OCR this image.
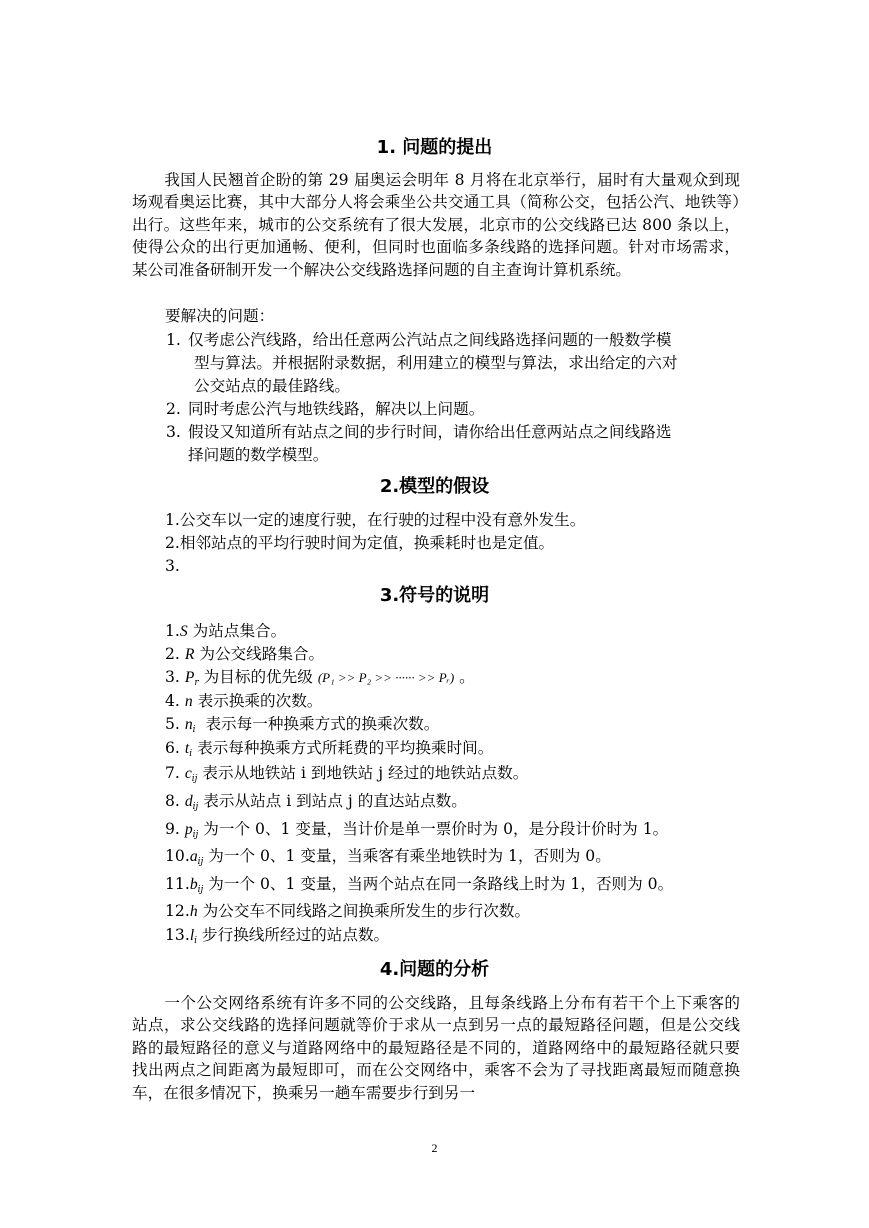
1. 问题的提出

我国人民翘首企盼的第 29 届奥运会明年 8 月将在北京举行，届时有大量观众到现场观看奥运比赛，其中大部分人将会乘坐公共交通工具（简称公交，包括公汽、地铁等）出行。这些年来，城市的公交系统有了很大发展，北京市的公交线路已达 800 条以上，使得公众的出行更加通畅、便利，但同时也面临多条线路的选择问题。针对市场需求，某公司准备研制开发一个解决公交线路选择问题的自主查询计算机系统。

要解决的问题：

1. 仅考虑公汽线路，给出任意两公汽站点之间线路选择问题的一般数学模
型与算法。并根据附录数据，利用建立的模型与算法，求出给定的六对
公交站点的最佳路线。
2. 同时考虑公汽与地铁线路，解决以上问题。
3. 假设又知道所有站点之间的步行时间，请你给出任意两站点之间线路选
择问题的数学模型。
2.模型的假设

1.公交车以一定的速度行驶，在行驶的过程中没有意外发生。

2.相邻站点的平均行驶时间为定值，换乘耗时也是定值。

3.

3.符号的说明

1.S 为站点集合。

2. R 为公交线路集合。

3. $P_r$ 为目标的优先级 (P₁ >> P₂ >> ······ >> Pᵣ) 。

4. n 表示换乘的次数。

5. $n_i$  表示每一种换乘方式的换乘次数。

6. $t_i$ 表示每种换乘方式所耗费的平均换乘时间。

7. $c_{ij}$ 表示从地铁站 i 到地铁站 j 经过的地铁站点数。

8. $d_{ij}$ 表示从站点 i 到站点 j 的直达站点数。

9. $p_{ij}$ 为一个 0、1 变量，当计价是单一票价时为 0，是分段计价时为 1。

$10.a_{ij}$ 为一个 0、1 变量，当乘客有乘坐地铁时为 1，否则为 0。

$11.b_{ij}$ 为一个 0、1 变量，当两个站点在同一条路线上时为 1，否则为 0。

12.h 为公交车不同线路之间换乘所发生的步行次数。

$13.l_i$ 步行换线所经过的站点数。

4.问题的分析

一个公交网络系统有许多不同的公交线路，且每条线路上分布有若干个上下乘客的站点，求公交线路的选择问题就等价于求从一点到另一点的最短路径问题，但是公交线路的最短路径的意义与道路网络中的最短路径是不同的，道路网络中的最短路径就只要找出两点之间距离为最短即可，而在公交网络中，乘客不会为了寻找距离最短而随意换车，在很多情况下，换乘另一趟车需要步行到另一

2
